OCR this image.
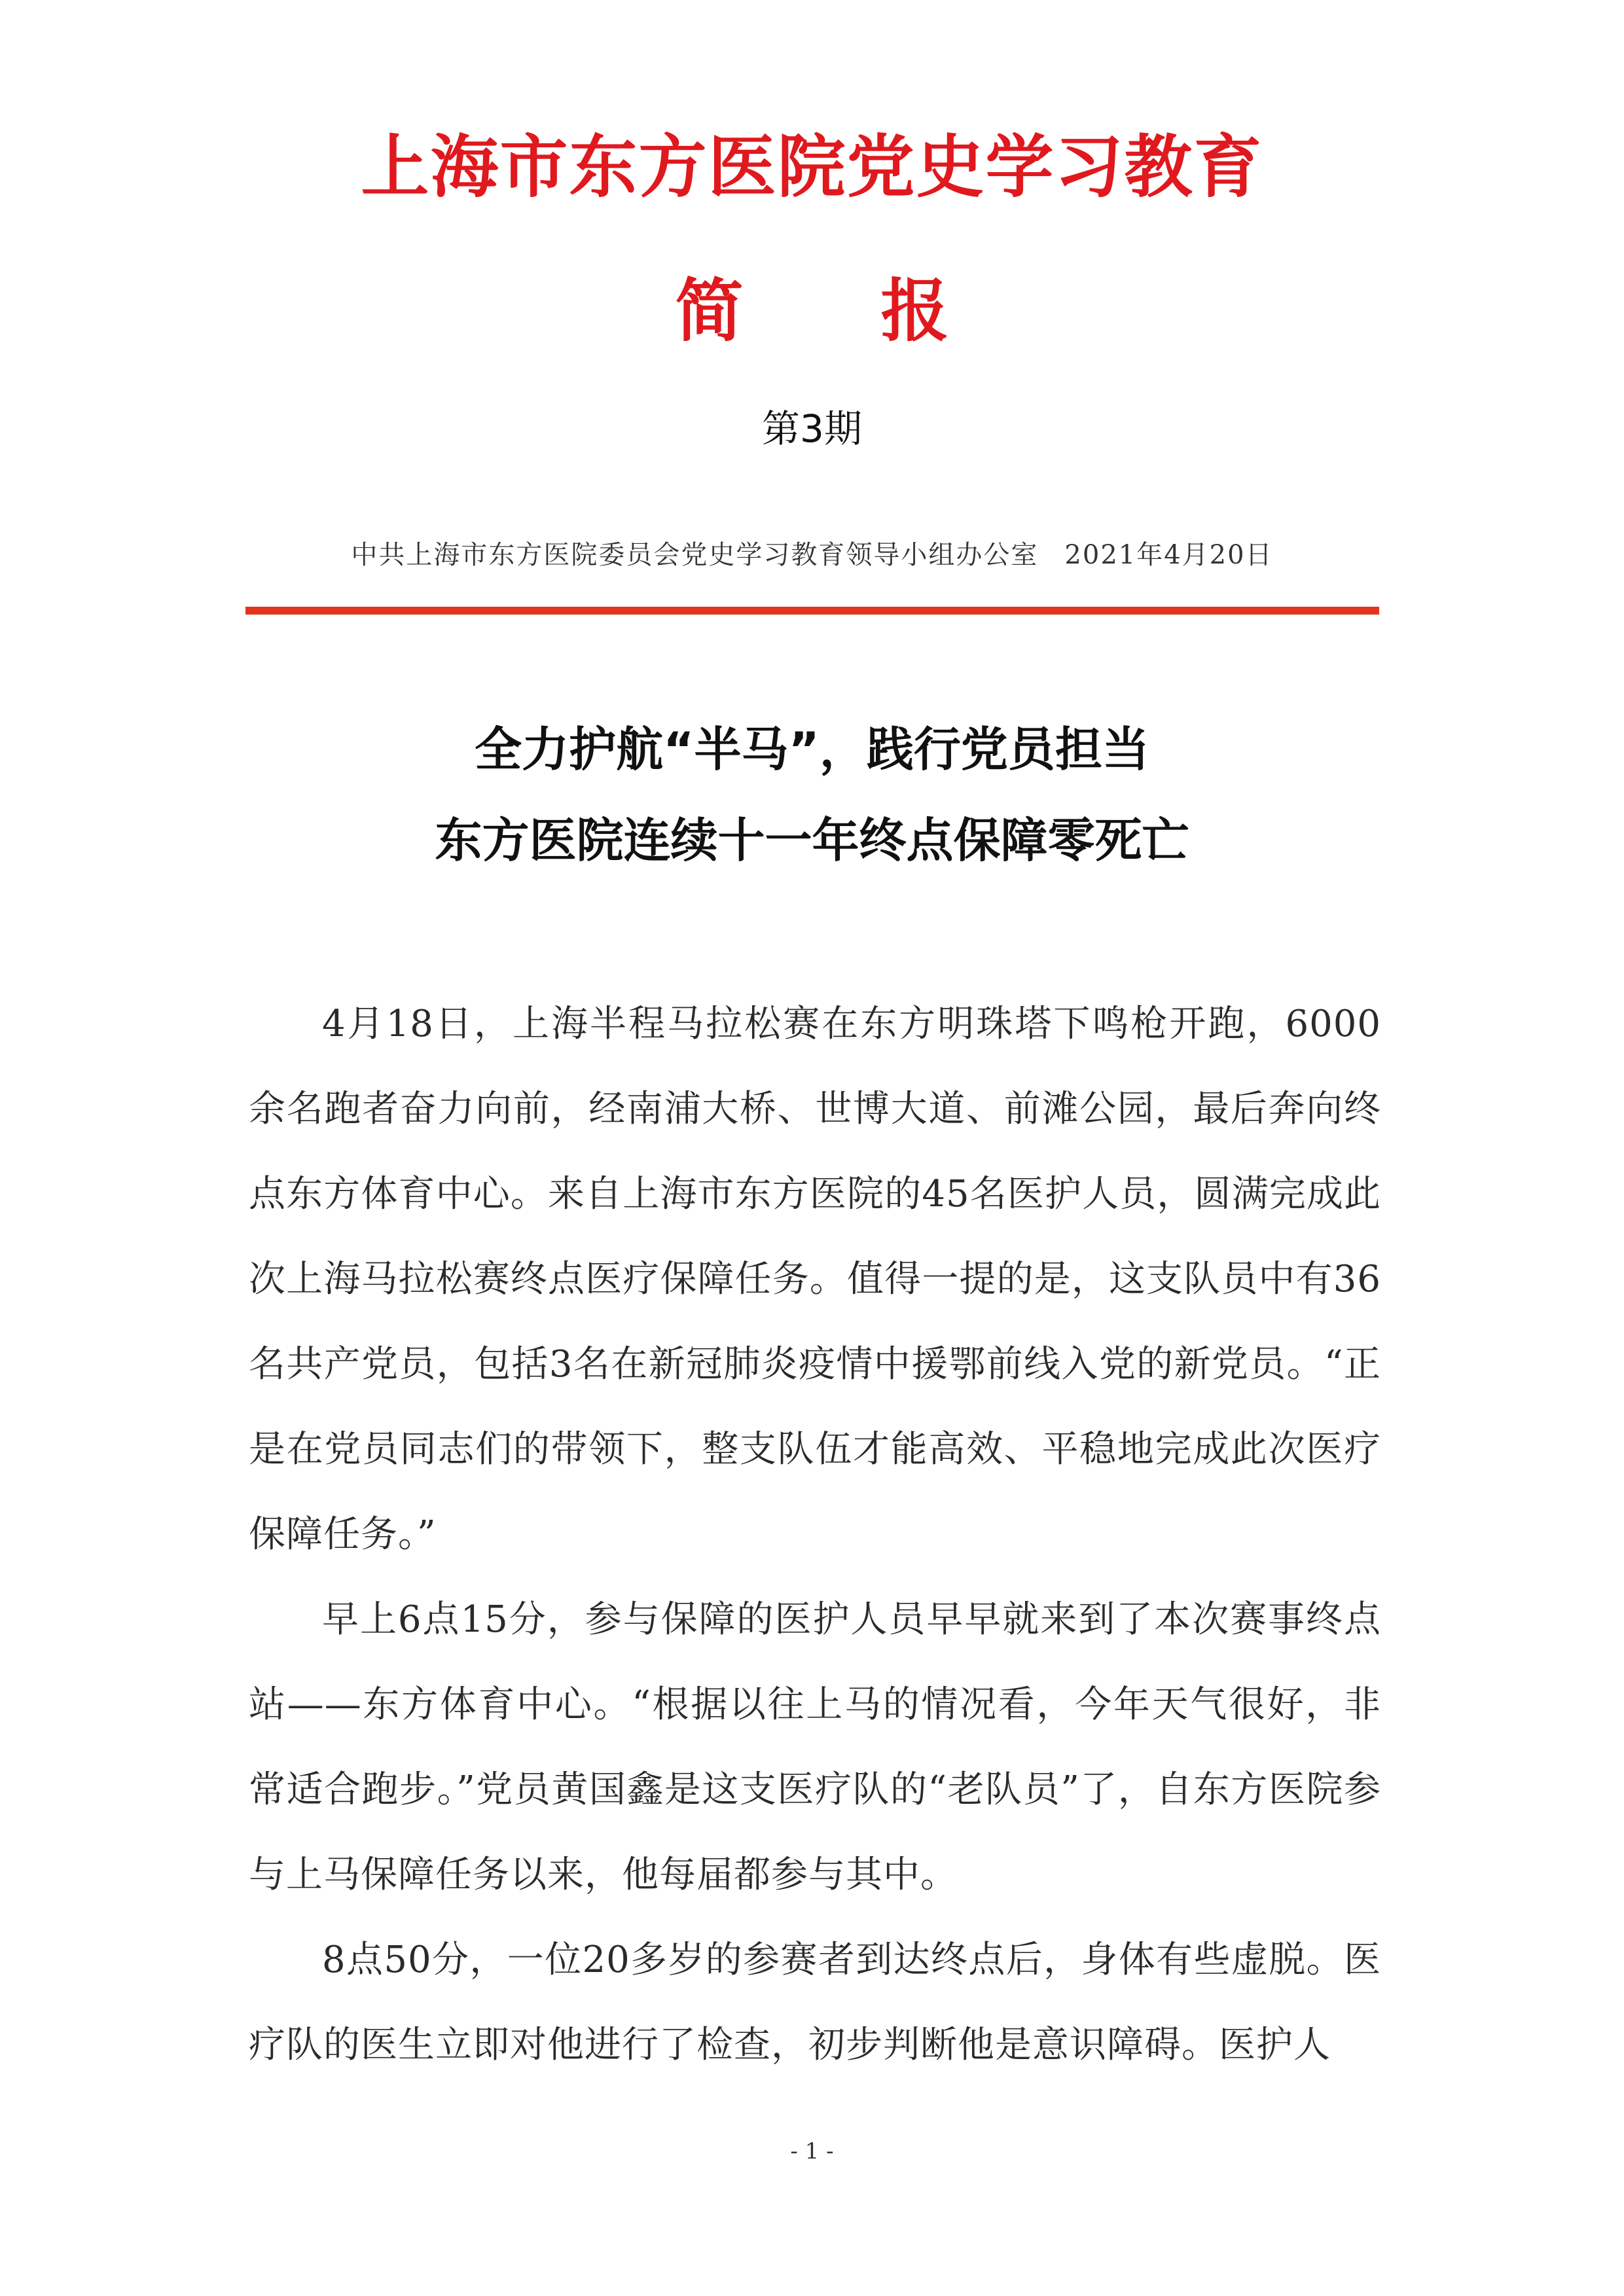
上海市东方医院党史学习教育
简 报
第3期
中共上海市东方医院委员会党史学习教育领导小组办公室 2021年4月20日
全力护航“半马”，践行党员担当
东方医院连续十一年终点保障零死亡

4月18日，上海半程马拉松赛在东方明珠塔下鸣枪开跑，6000余名跑者奋力向前，经南浦大桥、世博大道、前滩公园，最后奔向终点东方体育中心。来自上海市东方医院的45名医护人员，圆满完成此次上海马拉松赛终点医疗保障任务。值得一提的是，这支队员中有36名共产党员，包括3名在新冠肺炎疫情中援鄂前线入党的新党员。“正是在党员同志们的带领下，整支队伍才能高效、平稳地完成此次医疗保障任务。”

早上6点15分，参与保障的医护人员早早就来到了本次赛事终点站——东方体育中心。“根据以往上马的情况看，今年天气很好，非常适合跑步。”党员黄国鑫是这支医疗队的“老队员”了，自东方医院参与上马保障任务以来，他每届都参与其中。

8点50分，一位20多岁的参赛者到达终点后，身体有些虚脱。医疗队的医生立即对他进行了检查，初步判断他是意识障碍。医护人

- 1 -
